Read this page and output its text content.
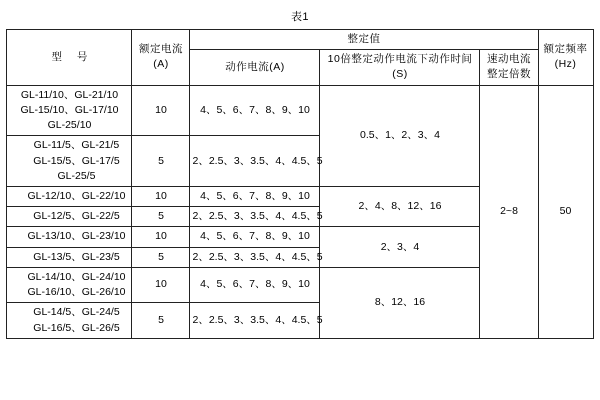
表1
型 号	额定电流(A)	整定值			额定频率(Hz)
		动作电流(A)	10倍整定动作电流下动作时间(S)	速动电流整定倍数	

GL-11/10、GL-21/10
GL-15/10、GL-17/10
GL-25/10	10	4、5、6、7、8、9、10	0.5、1、2、3、4	2~8	50

GL-11/5、GL-21/5
GL-15/5、GL-17/5
GL-25/5	5	2、2.5、3、3.5、4、4.5、5			

GL-12/10、GL-22/10	10	4、5、6、7、8、9、10	2、4、8、12、16		

GL-12/5、GL-22/5	5	2、2.5、3、3.5、4、4.5、5			

GL-13/10、GL-23/10	10	4、5、6、7、8、9、10	2、3、4		

GL-13/5、GL-23/5	5	2、2.5、3、3.5、4、4.5、5			

GL-14/10、GL-24/10
GL-16/10、GL-26/10	10	4、5、6、7、8、9、10	8、12、16		

GL-14/5、GL-24/5
GL-16/5、GL-26/5	5	2、2.5、3、3.5、4、4.5、5			
